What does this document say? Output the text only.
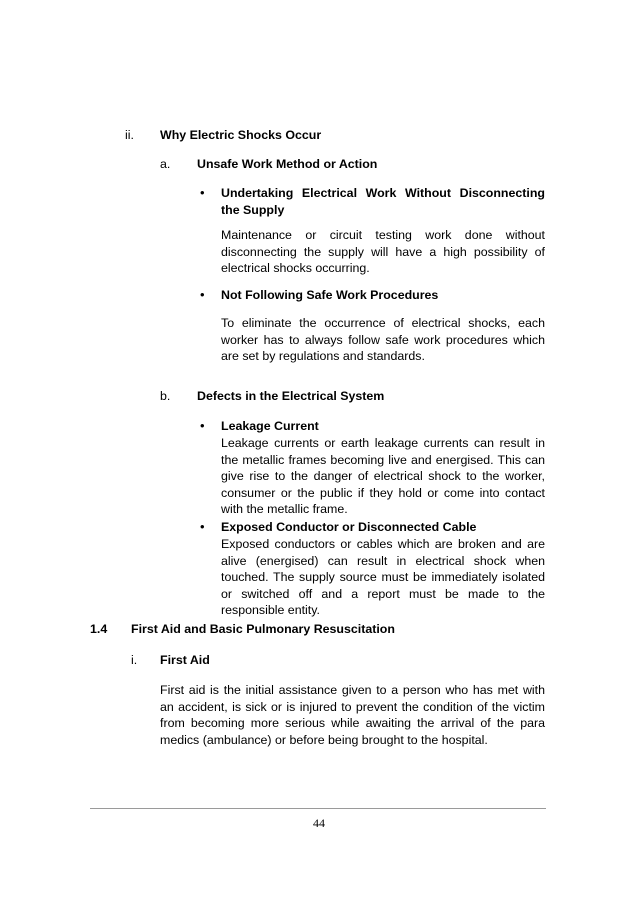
ii. Why Electric Shocks Occur
a. Unsafe Work Method or Action
• Undertaking Electrical Work Without Disconnecting the Supply
Maintenance or circuit testing work done without disconnecting the supply will have a high possibility of electrical shocks occurring.
• Not Following Safe Work Procedures
To eliminate the occurrence of electrical shocks, each worker has to always follow safe work procedures which are set by regulations and standards.
b. Defects in the Electrical System
• Leakage Current
Leakage currents or earth leakage currents can result in the metallic frames becoming live and energised. This can give rise to the danger of electrical shock to the worker, consumer or the public if they hold or come into contact with the metallic frame.
• Exposed Conductor or Disconnected Cable
Exposed conductors or cables which are broken and are alive (energised) can result in electrical shock when touched. The supply source must be immediately isolated or switched off and a report must be made to the responsible entity.
1.4 First Aid and Basic Pulmonary Resuscitation
i. First Aid
First aid is the initial assistance given to a person who has met with an accident, is sick or is injured to prevent the condition of the victim from becoming more serious while awaiting the arrival of the para medics (ambulance) or before being brought to the hospital.
44
